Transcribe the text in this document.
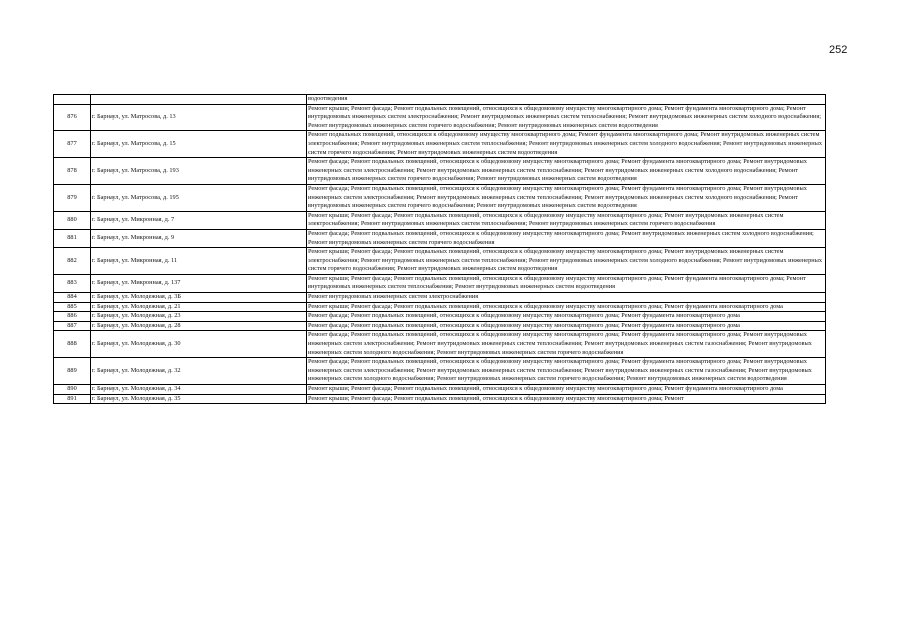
252
		водоотведения
876	г. Барнаул, ул. Матросова, д. 13	Ремонт крыши; Ремонт фасада; Ремонт подвальных помещений, относящихся к общедомовому имуществу многоквартирного дома; Ремонт фундамента многоквартирного дома; Ремонт внутридомовых инженерных систем электроснабжения; Ремонт внутридомовых инженерных систем теплоснабжения; Ремонт внутридомовых инженерных систем холодного водоснабжения; Ремонт внутридомовых инженерных систем горячего водоснабжения; Ремонт внутридомовых инженерных систем водоотведения
877	г. Барнаул, ул. Матросова, д. 15	Ремонт подвальных помещений, относящихся к общедомовому имуществу многоквартирного дома; Ремонт фундамента многоквартирного дома; Ремонт внутридомовых инженерных систем электроснабжения; Ремонт внутридомовых инженерных систем теплоснабжения; Ремонт внутридомовых инженерных систем холодного водоснабжения; Ремонт внутридомовых инженерных систем горячего водоснабжения; Ремонт внутридомовых инженерных систем водоотведения
878	г. Барнаул, ул. Матросова, д. 193	Ремонт фасада; Ремонт подвальных помещений, относящихся к общедомовому имуществу многоквартирного дома; Ремонт фундамента многоквартирного дома; Ремонт внутридомовых инженерных систем электроснабжения; Ремонт внутридомовых инженерных систем теплоснабжения; Ремонт внутридомовых инженерных систем холодного водоснабжения; Ремонт внутридомовых инженерных систем горячего водоснабжения; Ремонт внутридомовых инженерных систем водоотведения
879	г. Барнаул, ул. Матросова, д. 195	Ремонт фасада; Ремонт подвальных помещений, относящихся к общедомовому имуществу многоквартирного дома; Ремонт фундамента многоквартирного дома; Ремонт внутридомовых инженерных систем электроснабжения; Ремонт внутридомовых инженерных систем теплоснабжения; Ремонт внутридомовых инженерных систем холодного водоснабжения; Ремонт внутридомовых инженерных систем горячего водоснабжения; Ремонт внутридомовых инженерных систем водоотведения
880	г. Барнаул, ул. Микронная, д. 7	Ремонт крыши; Ремонт фасада; Ремонт подвальных помещений, относящихся к общедомовому имуществу многоквартирного дома; Ремонт внутридомовых инженерных систем электроснабжения; Ремонт внутридомовых инженерных систем теплоснабжения; Ремонт внутридомовых инженерных систем горячего водоснабжения
881	г. Барнаул, ул. Микронная, д. 9	Ремонт фасада; Ремонт подвальных помещений, относящихся к общедомовому имуществу многоквартирного дома; Ремонт внутридомовых инженерных систем холодного водоснабжения; Ремонт внутридомовых инженерных систем горячего водоснабжения
882	г. Барнаул, ул. Микронная, д. 11	Ремонт крыши; Ремонт фасада; Ремонт подвальных помещений, относящихся к общедомовому имуществу многоквартирного дома; Ремонт внутридомовых инженерных систем электроснабжения; Ремонт внутридомовых инженерных систем теплоснабжения; Ремонт внутридомовых инженерных систем холодного водоснабжения; Ремонт внутридомовых инженерных систем горячего водоснабжения; Ремонт внутридомовых инженерных систем водоотведения
883	г. Барнаул, ул. Микронная, д. 137	Ремонт крыши; Ремонт фасада; Ремонт подвальных помещений, относящихся к общедомовому имуществу многоквартирного дома; Ремонт фундамента многоквартирного дома; Ремонт внутридомовых инженерных систем теплоснабжения; Ремонт внутридомовых инженерных систем водоотведения
884	г. Барнаул, ул. Молодежная, д. 3Б	Ремонт внутридомовых инженерных систем электроснабжения
885	г. Барнаул, ул. Молодежная, д. 21	Ремонт крыши; Ремонт фасада; Ремонт подвальных помещений, относящихся к общедомовому имуществу многоквартирного дома; Ремонт фундамента многоквартирного дома
886	г. Барнаул, ул. Молодежная, д. 23	Ремонт фасада; Ремонт подвальных помещений, относящихся к общедомовому имуществу многоквартирного дома; Ремонт фундамента многоквартирного дома
887	г. Барнаул, ул. Молодежная, д. 28	Ремонт фасада; Ремонт подвальных помещений, относящихся к общедомовому имуществу многоквартирного дома; Ремонт фундамента многоквартирного дома
888	г. Барнаул, ул. Молодежная, д. 30	Ремонт фасада; Ремонт подвальных помещений, относящихся к общедомовому имуществу многоквартирного дома; Ремонт фундамента многоквартирного дома; Ремонт внутридомовых инженерных систем электроснабжения; Ремонт внутридомовых инженерных систем теплоснабжения; Ремонт внутридомовых инженерных систем газоснабжения; Ремонт внутридомовых инженерных систем холодного водоснабжения; Ремонт внутридомовых инженерных систем горячего водоснабжения
889	г. Барнаул, ул. Молодежная, д. 32	Ремонт фасада; Ремонт подвальных помещений, относящихся к общедомовому имуществу многоквартирного дома; Ремонт фундамента многоквартирного дома; Ремонт внутридомовых инженерных систем электроснабжения; Ремонт внутридомовых инженерных систем теплоснабжения; Ремонт внутридомовых инженерных систем газоснабжения; Ремонт внутридомовых инженерных систем холодного водоснабжения; Ремонт внутридомовых инженерных систем горячего водоснабжения; Ремонт внутридомовых инженерных систем водоотведения
890	г. Барнаул, ул. Молодежная, д. 34	Ремонт крыши; Ремонт фасада; Ремонт подвальных помещений, относящихся к общедомовому имуществу многоквартирного дома; Ремонт фундамента многоквартирного дома
891	г. Барнаул, ул. Молодежная, д. 35	Ремонт крыши; Ремонт фасада; Ремонт подвальных помещений, относящихся к общедомовому имуществу многоквартирного дома; Ремонт
